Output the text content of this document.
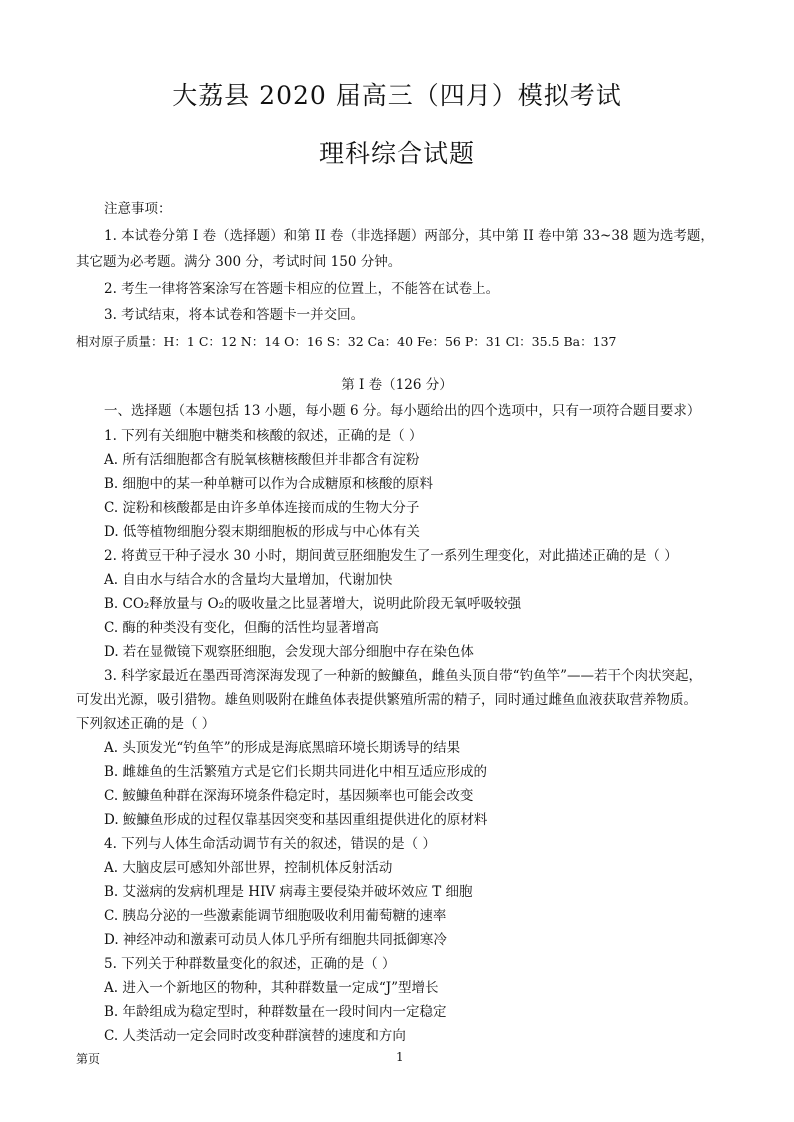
大荔县 2020 届高三（四月）模拟考试
理科综合试题
注意事项：
1. 本试卷分第 I 卷（选择题）和第 II 卷（非选择题）两部分，其中第 II 卷中第 33~38 题为选考题，
其它题为必考题。满分 300 分，考试时间 150 分钟。
2. 考生一律将答案涂写在答题卡相应的位置上，不能答在试卷上。
3. 考试结束，将本试卷和答题卡一并交回。
相对原子质量：H：1 C：12 N：14 O：16 S：32 Ca：40 Fe：56 P：31 Cl：35.5 Ba：137
第 I 卷（126 分）
一、选择题（本题包括 13 小题，每小题 6 分。每小题给出的四个选项中，只有一项符合题目要求）
1. 下列有关细胞中糖类和核酸的叙述，正确的是（ ）
A. 所有活细胞都含有脱氧核糖核酸但并非都含有淀粉
B. 细胞中的某一种单糖可以作为合成糖原和核酸的原料
C. 淀粉和核酸都是由许多单体连接而成的生物大分子
D. 低等植物细胞分裂末期细胞板的形成与中心体有关
2. 将黄豆干种子浸水 30 小时，期间黄豆胚细胞发生了一系列生理变化，对此描述正确的是（ ）
A. 自由水与结合水的含量均大量增加，代谢加快
B. CO₂释放量与 O₂的吸收量之比显著增大，说明此阶段无氧呼吸较强
C. 酶的种类没有变化，但酶的活性均显著增高
D. 若在显微镜下观察胚细胞，会发现大部分细胞中存在染色体
3. 科学家最近在墨西哥湾深海发现了一种新的鮟鱇鱼，雌鱼头顶自带“钓鱼竿”——若干个肉状突起，
可发出光源，吸引猎物。雄鱼则吸附在雌鱼体表提供繁殖所需的精子，同时通过雌鱼血液获取营养物质。
下列叙述正确的是（ ）
A. 头顶发光“钓鱼竿”的形成是海底黑暗环境长期诱导的结果
B. 雌雄鱼的生活繁殖方式是它们长期共同进化中相互适应形成的
C. 鮟鱇鱼种群在深海环境条件稳定时，基因频率也可能会改变
D. 鮟鱇鱼形成的过程仅靠基因突变和基因重组提供进化的原材料
4. 下列与人体生命活动调节有关的叙述，错误的是（ ）
A. 大脑皮层可感知外部世界，控制机体反射活动
B. 艾滋病的发病机理是 HIV 病毒主要侵染并破坏效应 T 细胞
C. 胰岛分泌的一些激素能调节细胞吸收利用葡萄糖的速率
D. 神经冲动和激素可动员人体几乎所有细胞共同抵御寒冷
5. 下列关于种群数量变化的叙述，正确的是（ ）
A. 进入一个新地区的物种，其种群数量一定成“J”型增长
B. 年龄组成为稳定型时，种群数量在一段时间内一定稳定
C. 人类活动一定会同时改变种群演替的速度和方向
第页	1
